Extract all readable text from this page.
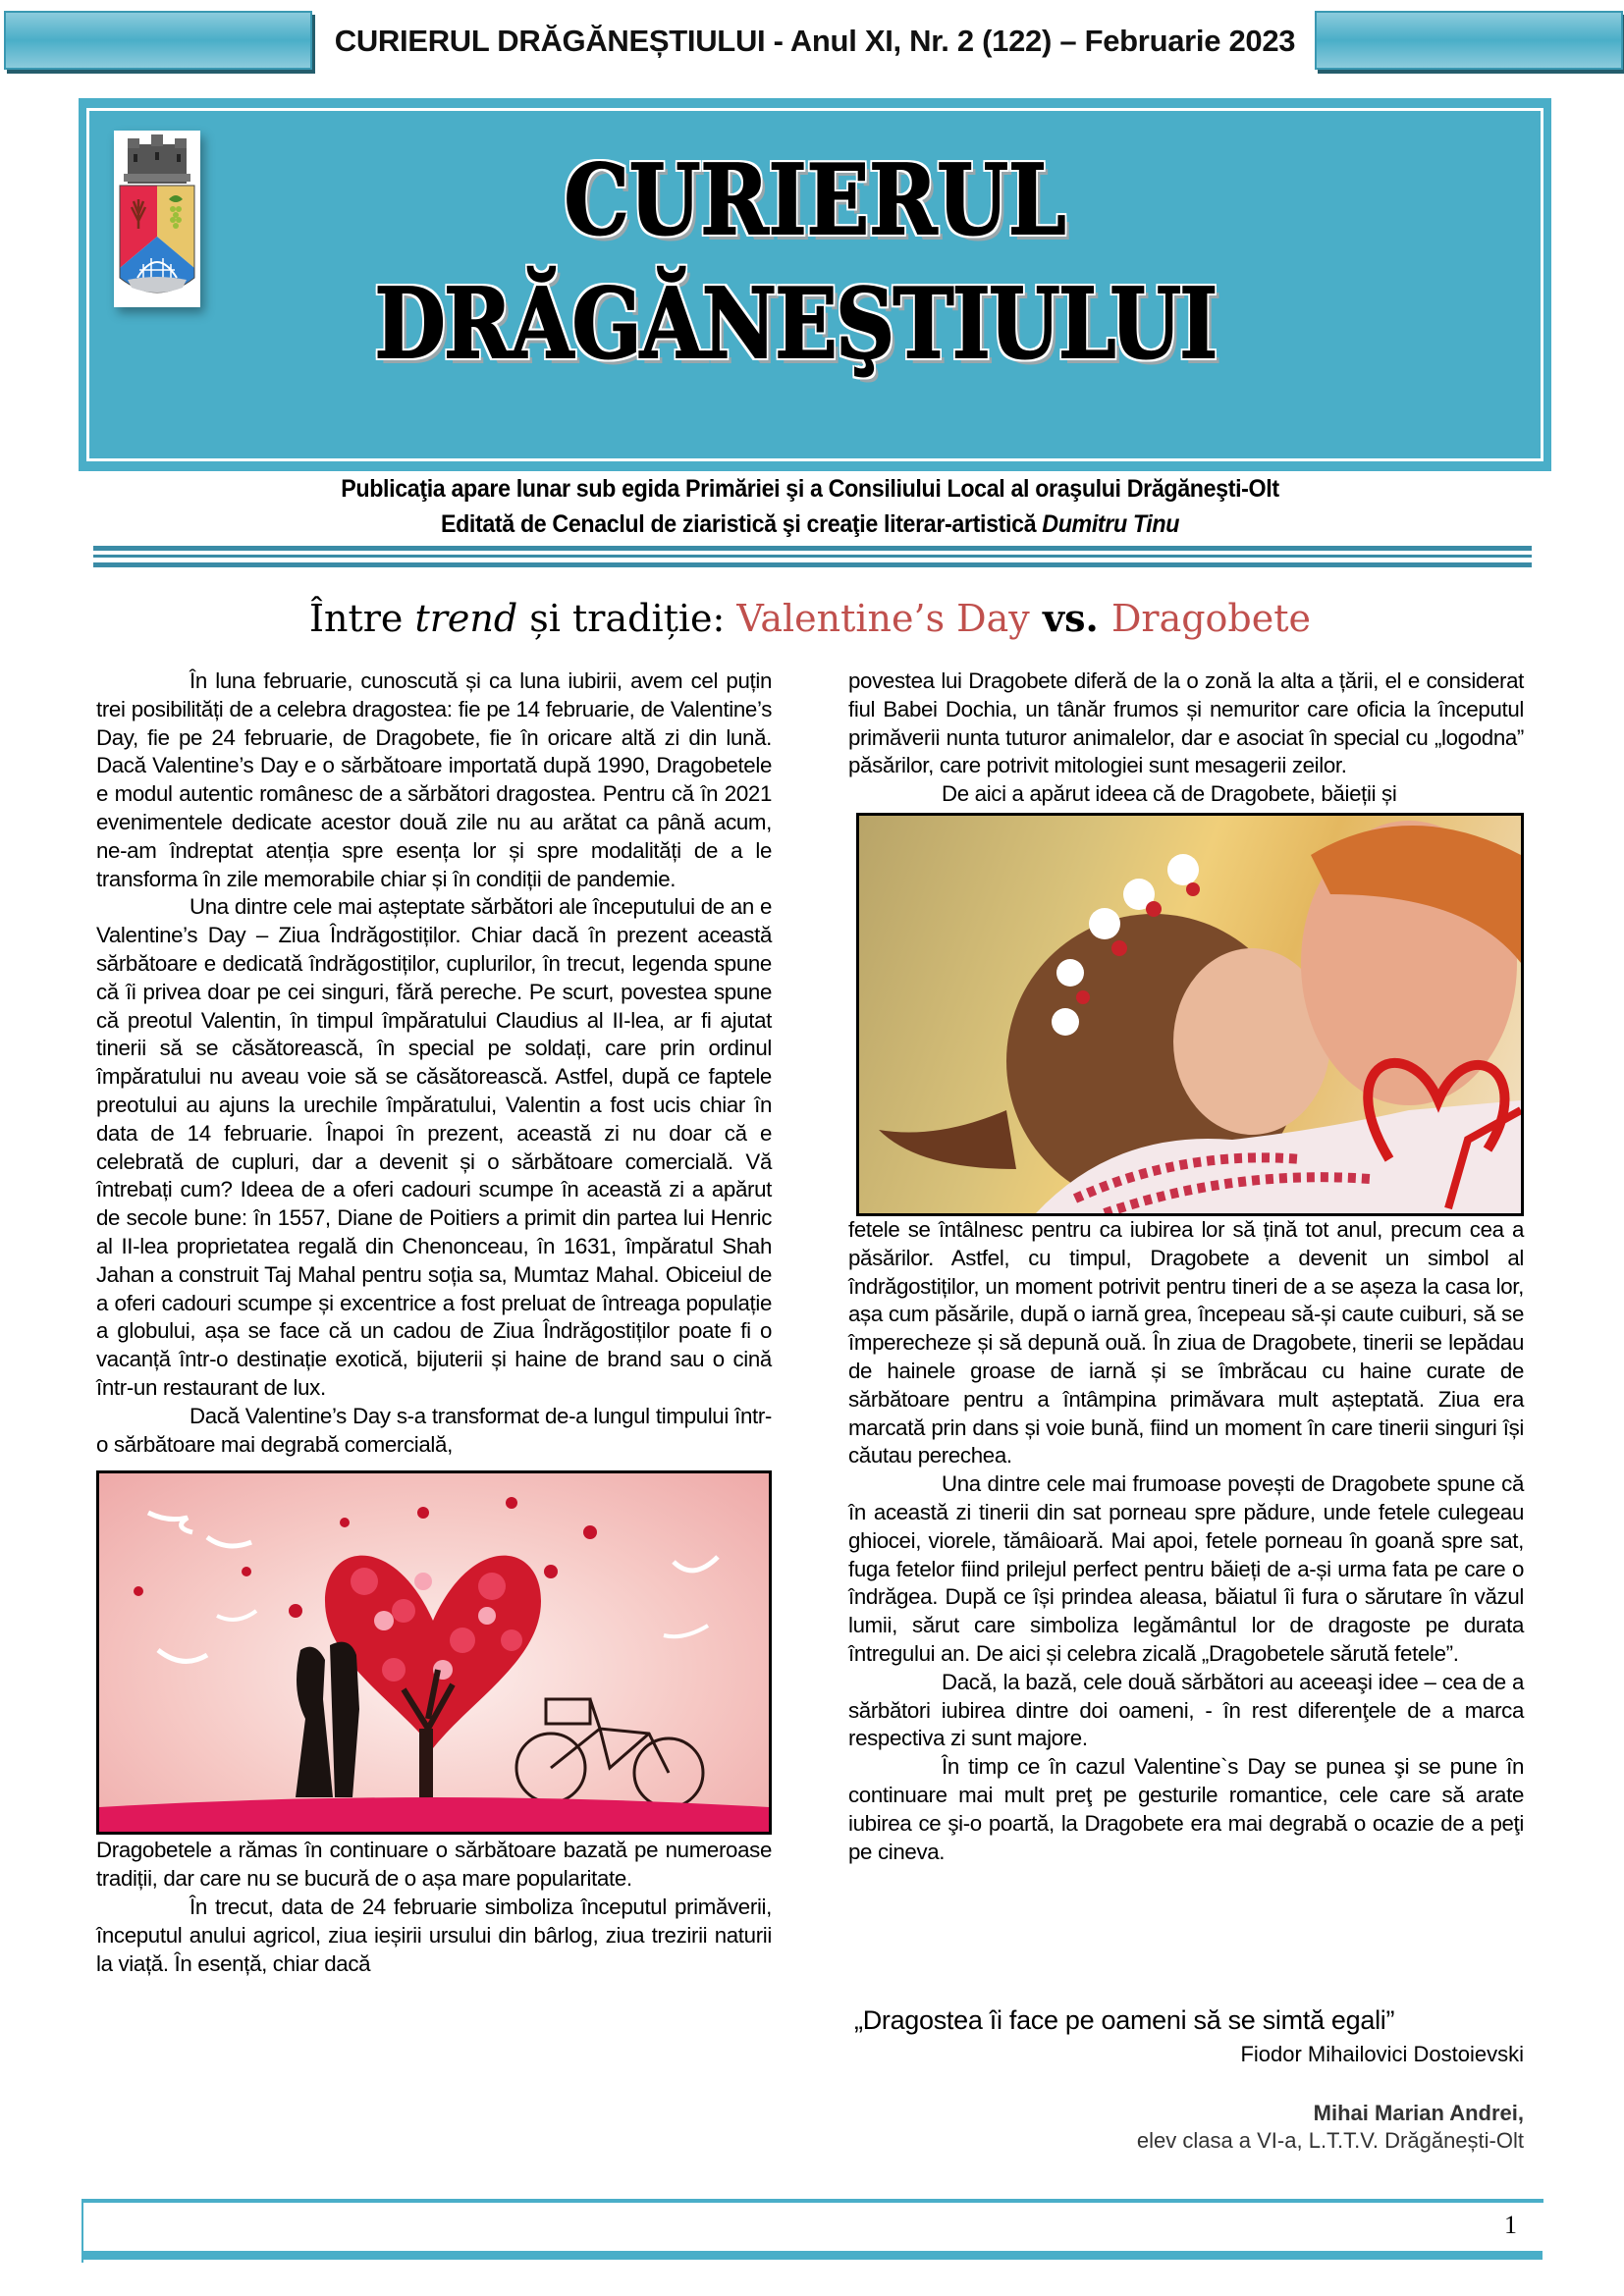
CURIERUL DRĂGĂNEȘTIULUI - Anul XI, Nr. 2 (122) – Februarie 2023
CURIERUL
DRĂGĂNEŞTIULUI
Publicaţia apare lunar sub egida Primăriei şi a Consiliului Local al oraşului Drăgăneşti-Olt
Editată de Cenaclul de ziaristică şi creaţie literar-artistică Dumitru Tinu
Între trend și tradiție: Valentine’s Day vs. Dragobete

În luna februarie, cunoscută și ca luna iubirii, avem cel puțin trei posibilități de a celebra dragostea: fie pe 14 februarie, de Valentine’s Day, fie pe 24 februarie, de Dragobete, fie în oricare altă zi din lună. Dacă Valentine’s Day e o sărbătoare importată după 1990, Dragobetele e modul autentic românesc de a sărbători dragostea. Pentru că în 2021 evenimentele dedicate acestor două zile nu au arătat ca până acum, ne-am îndreptat atenția spre esența lor și spre modalități de a le transforma în zile memorabile chiar și în condiții de pandemie.

Una dintre cele mai așteptate sărbători ale începutului de an e Valentine’s Day – Ziua Îndrăgostiților. Chiar dacă în prezent această sărbătoare e dedicată îndrăgostiților, cuplurilor, în trecut, legenda spune că îi privea doar pe cei singuri, fără pereche. Pe scurt, povestea spune că preotul Valentin, în timpul împăratului Claudius al II-lea, ar fi ajutat tinerii să se căsătorească, în special pe soldați, care prin ordinul împăratului nu aveau voie să se căsătorească. Astfel, după ce faptele preotului au ajuns la urechile împăratului, Valentin a fost ucis chiar în data de 14 februarie. Înapoi în prezent, această zi nu doar că e celebrată de cupluri, dar a devenit și o sărbătoare comercială. Vă întrebați cum? Ideea de a oferi cadouri scumpe în această zi a apărut de secole bune: în 1557, Diane de Poitiers a primit din partea lui Henric al II-lea proprietatea regală din Chenonceau, în 1631, împăratul Shah Jahan a construit Taj Mahal pentru soția sa, Mumtaz Mahal. Obiceiul de a oferi cadouri scumpe și excentrice a fost preluat de întreaga populație a globului, așa se face că un cadou de Ziua Îndrăgostiților poate fi o vacanță într-o destinație exotică, bijuterii și haine de brand sau o cină într-un restaurant de lux.

Dacă Valentine’s Day s-a transformat de-a lungul timpului într-o sărbătoare mai degrabă comercială,

Dragobetele a rămas în continuare o sărbătoare bazată pe numeroase tradiții, dar care nu se bucură de o așa mare popularitate.

În trecut, data de 24 februarie simboliza începutul primăverii, începutul anului agricol, ziua ieșirii ursului din bârlog, ziua trezirii naturii la viață. În esență, chiar dacă

povestea lui Dragobete diferă de la o zonă la alta a țării, el e considerat fiul Babei Dochia, un tânăr frumos și nemuritor care oficia la începutul primăverii nunta tuturor animalelor, dar e asociat în special cu „logodna” păsărilor, care potrivit mitologiei sunt mesagerii zeilor.

De aici a apărut ideea că de Dragobete, băieții și

fetele se întâlnesc pentru ca iubirea lor să țină tot anul, precum cea a păsărilor. Astfel, cu timpul, Dragobete a devenit un simbol al îndrăgostiților, un moment potrivit pentru tineri de a se așeza la casa lor, așa cum păsările, după o iarnă grea, începeau să-și caute cuiburi, să se împerecheze și să depună ouă. În ziua de Dragobete, tinerii se lepădau de hainele groase de iarnă și se îmbrăcau cu haine curate de sărbătoare pentru a întâmpina primăvara mult așteptată. Ziua era marcată prin dans și voie bună, fiind un moment în care tinerii singuri își căutau perechea.

Una dintre cele mai frumoase povești de Dragobete spune că în această zi tinerii din sat porneau spre pădure, unde fetele culegeau ghiocei, viorele, tămâioară. Mai apoi, fetele porneau în goană spre sat, fuga fetelor fiind prilejul perfect pentru băieți de a-și urma fata pe care o îndrăgea. După ce își prindea aleasa, băiatul îi fura o sărutare în văzul lumii, sărut care simboliza legământul lor de dragoste pe durata întregului an. De aici și celebra zicală „Dragobetele sărută fetele”.

Dacă, la bază, cele două sărbători au aceeaşi idee – cea de a sărbători iubirea dintre doi oameni, - în rest diferenţele de a marca respectiva zi sunt majore.

În timp ce în cazul Valentine`s Day se punea şi se pune în continuare mai mult preţ pe gesturile romantice, cele care să arate iubirea ce şi-o poartă, la Dragobete era mai degrabă o ocazie de a peţi pe cineva.

„Dragostea îi face pe oameni să se simtă egali”
Fiodor Mihailovici Dostoievski
Mihai Marian Andrei,
elev clasa a VI-a, L.T.T.V. Drăgănești-Olt
1
